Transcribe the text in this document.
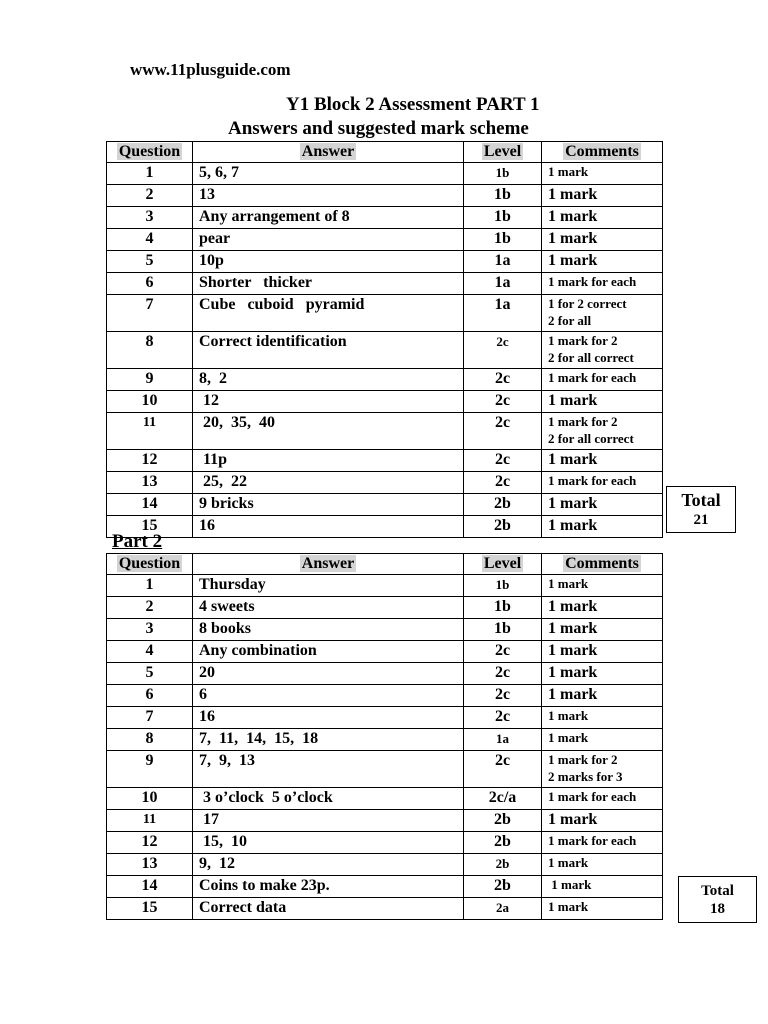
www.11plusguide.com
Y1 Block 2 Assessment PART 1
Answers and suggested mark scheme
Question	Answer	Level	Comments
1	5, 6, 7	1b	1 mark

2	13	1b	1 mark

3	Any arrangement of 8	1b	1 mark

4	pear	1b	1 mark

5	10p	1a	1 mark

6	Shorter   thicker	1a	1 mark for each

7	Cube   cuboid   pyramid	1a	1 for 2 correct
2 for all

8	Correct identification	2c	1 mark for 2
2 for all correct

9	8,  2	2c	1 mark for each

10	12	2c	1 mark

11	20,  35,  40	2c	1 mark for 2
2 for all correct

12	11p	2c	1 mark

13	25,  22	2c	1 mark for each

14	9 bricks	2b	1 mark

15	16	2b	1 mark
Total
21
Part 2
Question	Answer	Level	Comments
1	Thursday	1b	1 mark

2	4 sweets	1b	1 mark

3	8 books	1b	1 mark

4	Any combination	2c	1 mark

5	20	2c	1 mark

6	6	2c	1 mark

7	16	2c	1 mark

8	7,  11,  14,  15,  18	1a	1 mark

9	7,  9,  13	2c	1 mark for 2
2 marks for 3

10	3 o’clock  5 o’clock	2c/a	1 mark for each

11	17	2b	1 mark

12	15,  10	2b	1 mark for each

13	9,  12	2b	1 mark

14	Coins to make 23p.	2b	1 mark

15	Correct data	2a	1 mark
Total
18
